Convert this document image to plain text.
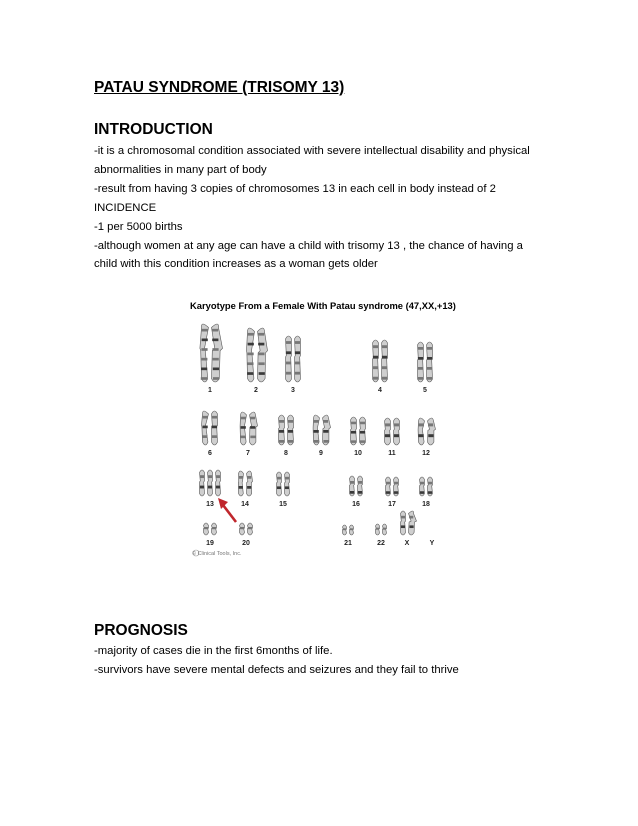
PATAU SYNDROME (TRISOMY 13)
INTRODUCTION

-it is a chromosomal condition associated with severe intellectual disability and physical

abnormalities in many part of body

-result from having 3 copies of chromosomes 13 in each cell in body instead of 2

INCIDENCE

-1 per 5000 births

-although women at any age can have a child with trisomy 13 , the chance of having a

child with this condition increases as a woman gets older

Karyotype From a Female With Patau syndrome (47,XX,+13)
1	2	3	4	5
6	7	8	9	10	11	12
13	14	15	16	17	18
19	20	21	22	X	Y
© Clinical Tools, Inc.
PROGNOSIS

-majority of cases die in the first 6months of life.

-survivors have severe mental defects and seizures and they fail to thrive
